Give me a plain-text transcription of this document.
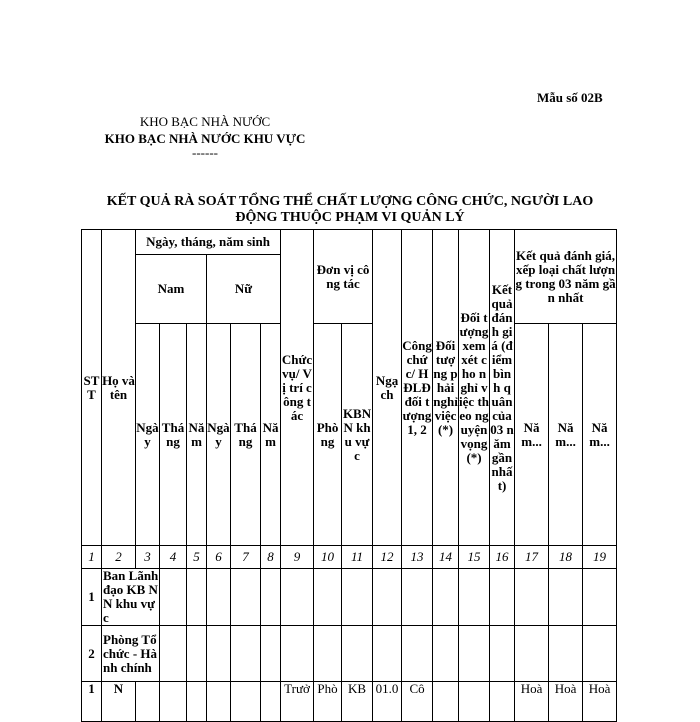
Mẫu số 02B
KHO BẠC NHÀ NƯỚC
KHO BẠC NHÀ NƯỚC KHU VỰC
------
KẾT QUẢ RÀ SOÁT TỔNG THỂ CHẤT LƯỢNG CÔNG CHỨC, NGƯỜI LAO
ĐỘNG THUỘC PHẠM VI QUẢN LÝ
STT	Họ và tên	Ngày, tháng, năm sinh						Chức vụ/ Vị trí công tác	Đơn vị công tác		Ngạch	Công chức/ HĐLĐ đối tượng 1, 2	Đối tượng phải nghỉ việc (*)	Đối tượng xem xét cho nghỉ việc theo nguyện vọng (*)	Kết quả đánh giá (điểm bình quân của 03 năm gần nhất)	Kết quả đánh giá, xếp loại chất lượng trong 03 năm gần nhất		
		Nam			Nữ													

		Ngày	Tháng	Năm	Ngày	Tháng	Năm		Phòng	KBNN khu vực						Nă m...	Nă m...	Nă m...
1	2	3	4	5	6	7	8	9	10	11	12	13	14	15	16	17	18	19
1	Ban Lãnh đạo KB NN khu vực																	
2	Phòng Tổ chức - Hành chính																	
1	N							Trưở	Phò	KB	01.0	Cô				Hoà	Hoà	Hoà
